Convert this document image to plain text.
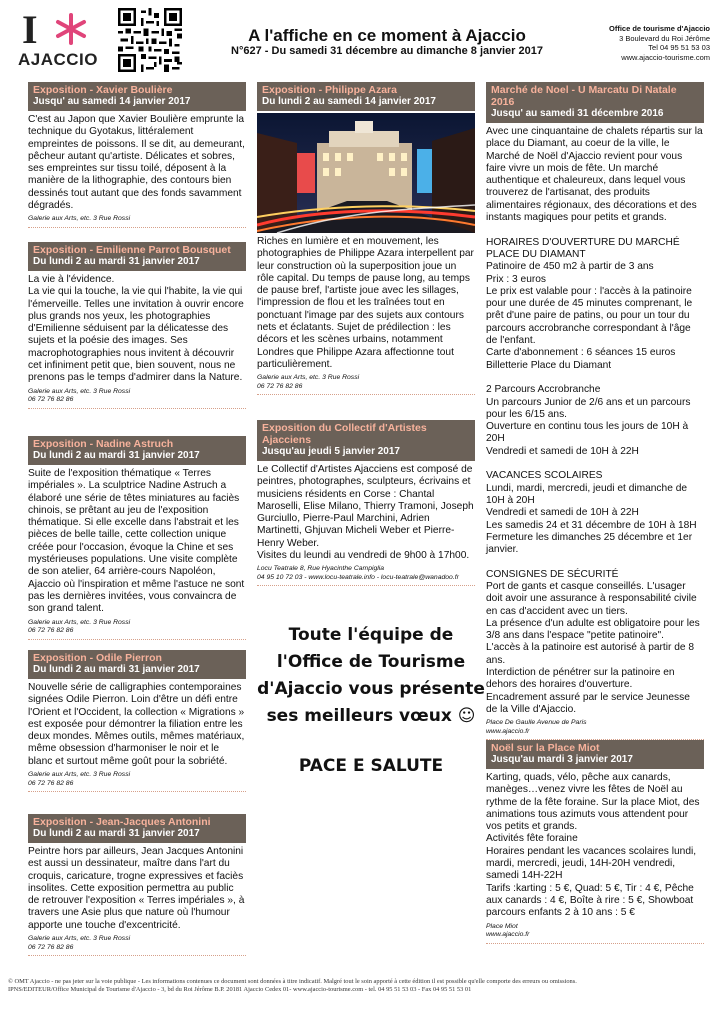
I
AJACCIO
A l'affiche en ce moment à Ajaccio
N°627 - Du samedi 31 décembre au dimanche 8 janvier 2017
Office de tourisme d'Ajaccio
3 Boulevard du Roi Jérôme
Tel 04 95 51 53 03
www.ajaccio-tourisme.com
Exposition - Xavier Boulière
Jusqu' au samedi 14 janvier 2017
C'est au Japon que Xavier Boulière emprunte la technique du Gyotakus, littéralement empreintes de poissons. Il se dit, au demeurant, pêcheur autant qu'artiste. Délicates et sobres, ses empreintes sur tissu toilé, déposent à la manière de la lithographie, des contours bien dessinés tout autant que des fonds savamment dégradés.
Galerie aux Arts, etc. 3 Rue Rossi
Exposition - Emilienne Parrot Bousquet
Du lundi 2 au mardi 31 janvier 2017
La vie à l'évidence.
La vie qui la touche, la vie qui l'habite, la vie qui l'émerveille. Telles une invitation à ouvrir encore plus grands nos yeux, les photographies d'Emilienne séduisent par la délicatesse des sujets et la poésie des images. Ses macrophotographies nous invitent à découvrir cet infiniment petit que, bien souvent, nous ne prenons pas le temps d'admirer dans la Nature.
Galerie aux Arts, etc. 3 Rue Rossi
06 72 76 82 86
Exposition - Nadine Astruch
Du lundi 2 au mardi 31 janvier 2017
Suite de l'exposition thématique « Terres impériales ». La sculptrice Nadine Astruch a élaboré une série de têtes miniatures au faciès chinois, se prêtant au jeu de l'exposition thématique. Si elle excelle dans l'abstrait et les pièces de belle taille, cette collection unique créée pour l'occasion, évoque la Chine et ses mystérieuses populations. Une visite complète de son atelier, 64 arrière-cours Napoléon, Ajaccio où l'inspiration et même l'astuce ne sont pas les dernières invitées, vous convaincra de son grand talent.
Galerie aux Arts, etc. 3 Rue Rossi
06 72 76 82 86
Exposition - Odile Pierron
Du lundi 2 au mardi 31 janvier 2017
Nouvelle série de calligraphies contemporaines signées Odile Pierron. Loin d'être un défi entre l'Orient et l'Occident, la collection « Migrations » est exposée pour démontrer la filiation entre les deux mondes. Mêmes outils, mêmes matériaux, même obsession d'harmoniser le noir et le blanc et surtout même goût pour la sobriété.
Galerie aux Arts, etc. 3 Rue Rossi
06 72 76 82 86
Exposition - Jean-Jacques Antonini
Du lundi 2 au mardi 31 janvier 2017
Peintre hors par ailleurs, Jean Jacques Antonini est aussi un dessinateur, maître dans l'art du croquis, caricature, trogne expressives et faciès insolites. Cette exposition permettra au public de retrouver l'exposition « Terres impériales », à travers une Asie plus que nature où l'humour apporte une touche d'excentricité.
Galerie aux Arts, etc. 3 Rue Rossi
06 72 76 82 86
Exposition - Philippe Azara
Du lundi 2 au samedi 14 janvier 2017
Riches en lumière et en mouvement, les photographies de Philippe Azara interpellent par leur construction où la superposition joue un rôle capital. Du temps de pause long, au temps de pause bref, l'artiste joue avec les sillages, l'impression de flou et les traînées tout en ponctuant l'image par des sujets aux contours nets et éclatants. Sujet de prédilection : les décors et les scènes urbains, notamment Londres que Philippe Azara affectionne tout particulièrement.
Galerie aux Arts, etc. 3 Rue Rossi
06 72 76 82 86
Exposition du Collectif d'Artistes Ajacciens
Jusqu'au jeudi 5 janvier 2017
Le Collectif d'Artistes Ajacciens est composé de peintres, photographes, sculpteurs, écrivains et musiciens résidents en Corse : Chantal Maroselli, Elise Milano, Thierry Tramoni, Joseph Gurciullo, Pierre-Paul Marchini, Adrien Martinetti, Ghjuvan Micheli Weber et Pierre-Henry Weber.
Visites du leundi au vendredi de 9h00 à 17h00.
Locu Teatrale 8, Rue Hyacinthe Campiglia
04 95 10 72 03 - www.locu-teatrale.info - locu-teatrale@wanadoo.fr
Toute l'équipe de
l'Office de Tourisme
d'Ajaccio vous présente
ses meilleurs vœux ☺
PACE E SALUTE
Marché de Noel - U Marcatu Di Natale 2016
Jusqu' au samedi 31 décembre 2016
Avec une cinquantaine de chalets répartis sur la place du Diamant, au coeur de la ville, le Marché de Noël d'Ajaccio revient pour vous faire vivre un mois de fête. Un marché authentique et chaleureux, dans lequel vous trouverez de l'artisanat, des produits alimentaires régionaux, des décorations et des instants magiques pour petits et grands.

HORAIRES D'OUVERTURE DU MARCHÉ PLACE DU DIAMANT
Patinoire de 450 m2 à partir de 3 ans
Prix : 3 euros
Le prix est valable pour : l'accès à la patinoire pour une durée de 45 minutes comprenant, le prêt d'une paire de patins, ou pour un tour du parcours accrobranche correspondant à l'âge de l'enfant.
Carte d'abonnement : 6 séances 15 euros
Billetterie Place du Diamant

2 Parcours Accrobranche
Un parcours Junior de 2/6 ans et un parcours pour les 6/15 ans.
Ouverture en continu tous les jours de 10H à 20H
Vendredi et samedi de 10H à 22H

VACANCES SCOLAIRES
Lundi, mardi, mercredi, jeudi et dimanche de 10H à 20H
Vendredi et samedi de 10H à 22H
Les samedis 24 et 31 décembre de 10H à 18H
Fermeture les dimanches 25 décembre et 1er janvier.

CONSIGNES DE SÉCURITÉ
Port de gants et casque conseillés. L'usager doit avoir une assurance à responsabilité civile en cas d'accident avec un tiers.
La présence d'un adulte est obligatoire pour les 3/8 ans dans l'espace "petite patinoire".
L'accès à la patinoire est autorisé à partir de 8 ans.
Interdiction de pénétrer sur la patinoire en dehors des horaires d'ouverture.
Encadrement assuré par le service Jeunesse de la Ville d'Ajaccio.
Place De Gaulle Avenue de Paris
www.ajaccio.fr
Noël sur la Place Miot
Jusqu'au mardi 3 janvier 2017
Karting, quads, vélo, pêche aux canards, manèges…venez vivre les fêtes de Noël au rythme de la fête foraine. Sur la place Miot, des animations tous azimuts vous attendent pour vos petits et grands.
Activités fête foraine
Horaires pendant les vacances scolaires lundi, mardi, mercredi, jeudi, 14H-20H vendredi, samedi 14H-22H
Tarifs :karting : 5 €, Quad: 5 €, Tir : 4 €, Pêche aux canards : 4 €, Boîte à rire : 5 €, Showboat parcours enfants 2 à 10 ans : 5 €
Place Miot
www.ajaccio.fr
© OMT Ajaccio - ne pas jeter sur la voie publique - Les informations contenues ce document sont données à titre indicatif. Malgré tout le soin apporté à cette édition il est possible qu'elle comporte des erreurs ou omissions.
IPNS/EDITEUR/Office Municipal de Tourisme d'Ajaccio - 3, bd du Roi Jérôme B.P. 20181 Ajaccio Cedex 01- www.ajaccio-tourisme.com - tel. 04 95 51 53 03 - Fax 04 95 51 53 01
